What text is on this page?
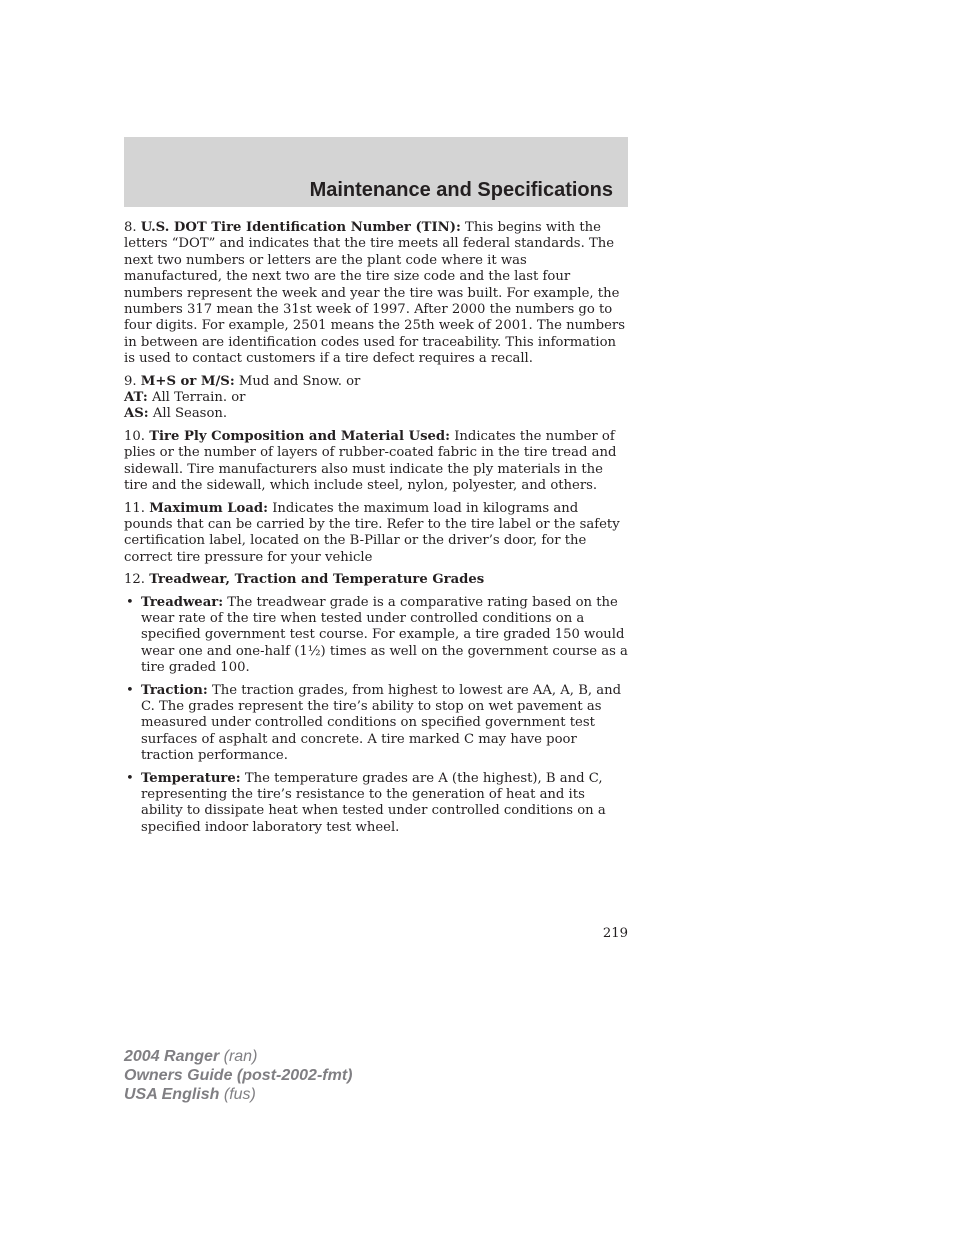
Maintenance and Specifications

8. U.S. DOT Tire Identification Number (TIN): This begins with the letters “DOT” and indicates that the tire meets all federal standards. The next two numbers or letters are the plant code where it was manufactured, the next two are the tire size code and the last four numbers represent the week and year the tire was built. For example, the numbers 317 mean the 31st week of 1997. After 2000 the numbers go to four digits. For example, 2501 means the 25th week of 2001. The numbers in between are identification codes used for traceability. This information is used to contact customers if a tire defect requires a recall.

9. M+S or M/S: Mud and Snow. or
AT: All Terrain. or
AS: All Season.

10. Tire Ply Composition and Material Used: Indicates the number of plies or the number of layers of rubber-coated fabric in the tire tread and sidewall. Tire manufacturers also must indicate the ply materials in the tire and the sidewall, which include steel, nylon, polyester, and others.

11. Maximum Load: Indicates the maximum load in kilograms and pounds that can be carried by the tire. Refer to the tire label or the safety certification label, located on the B-Pillar or the driver’s door, for the correct tire pressure for your vehicle

12. Treadwear, Traction and Temperature Grades

• Treadwear: The treadwear grade is a comparative rating based on the wear rate of the tire when tested under controlled conditions on a specified government test course. For example, a tire graded 150 would wear one and one-half (1½) times as well on the government course as a tire graded 100.
• Traction: The traction grades, from highest to lowest are AA, A, B, and C. The grades represent the tire’s ability to stop on wet pavement as measured under controlled conditions on specified government test surfaces of asphalt and concrete. A tire marked C may have poor traction performance.
• Temperature: The temperature grades are A (the highest), B and C, representing the tire’s resistance to the generation of heat and its ability to dissipate heat when tested under controlled conditions on a specified indoor laboratory test wheel.
219
2004 Ranger (ran)
Owners Guide (post-2002-fmt)
USA English (fus)
